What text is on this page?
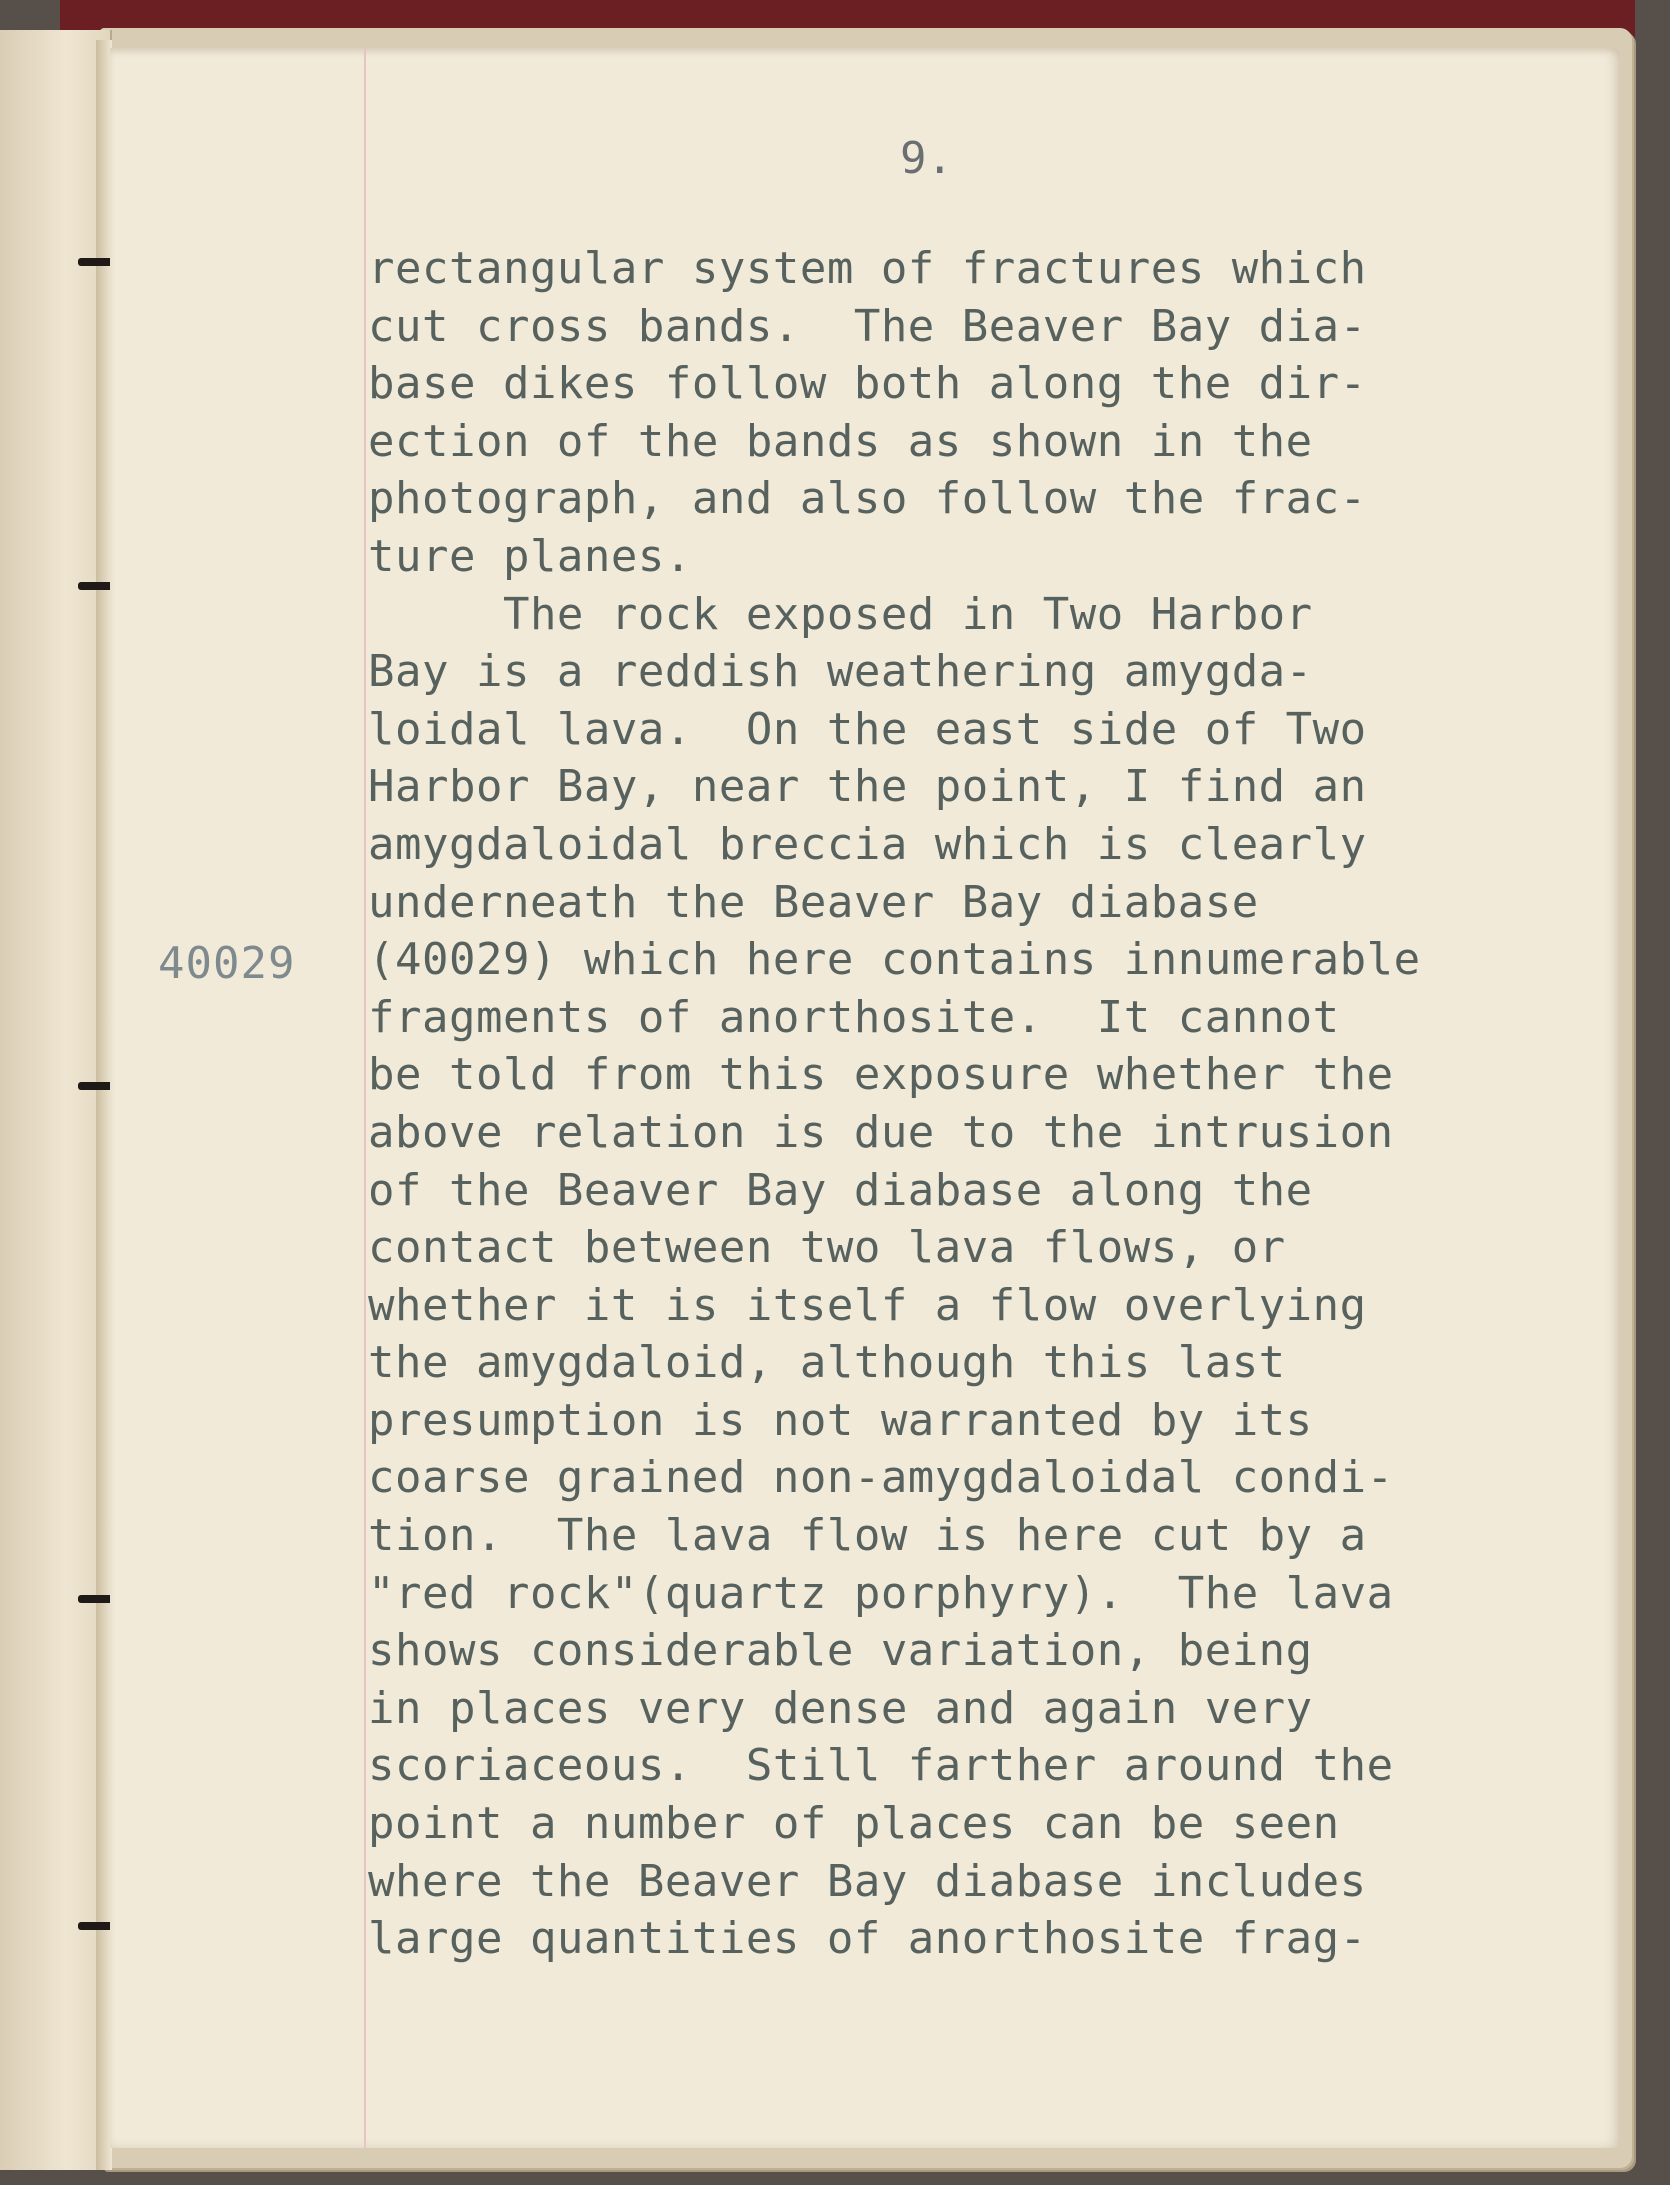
9.
40029
rectangular system of fractures which
cut cross bands.  The Beaver Bay dia-
base dikes follow both along the dir-
ection of the bands as shown in the
photograph, and also follow the frac-
ture planes.
The rock exposed in Two Harbor
Bay is a reddish weathering amygda-
loidal lava.  On the east side of Two
Harbor Bay, near the point, I find an
amygdaloidal breccia which is clearly
underneath the Beaver Bay diabase
(40029) which here contains innumerable
fragments of anorthosite.  It cannot
be told from this exposure whether the
above relation is due to the intrusion
of the Beaver Bay diabase along the
contact between two lava flows, or
whether it is itself a flow overlying
the amygdaloid, although this last
presumption is not warranted by its
coarse grained non-amygdaloidal condi-
tion.  The lava flow is here cut by a
"red rock"(quartz porphyry).  The lava
shows considerable variation, being
in places very dense and again very
scoriaceous.  Still farther around the
point a number of places can be seen
where the Beaver Bay diabase includes
large quantities of anorthosite frag-
